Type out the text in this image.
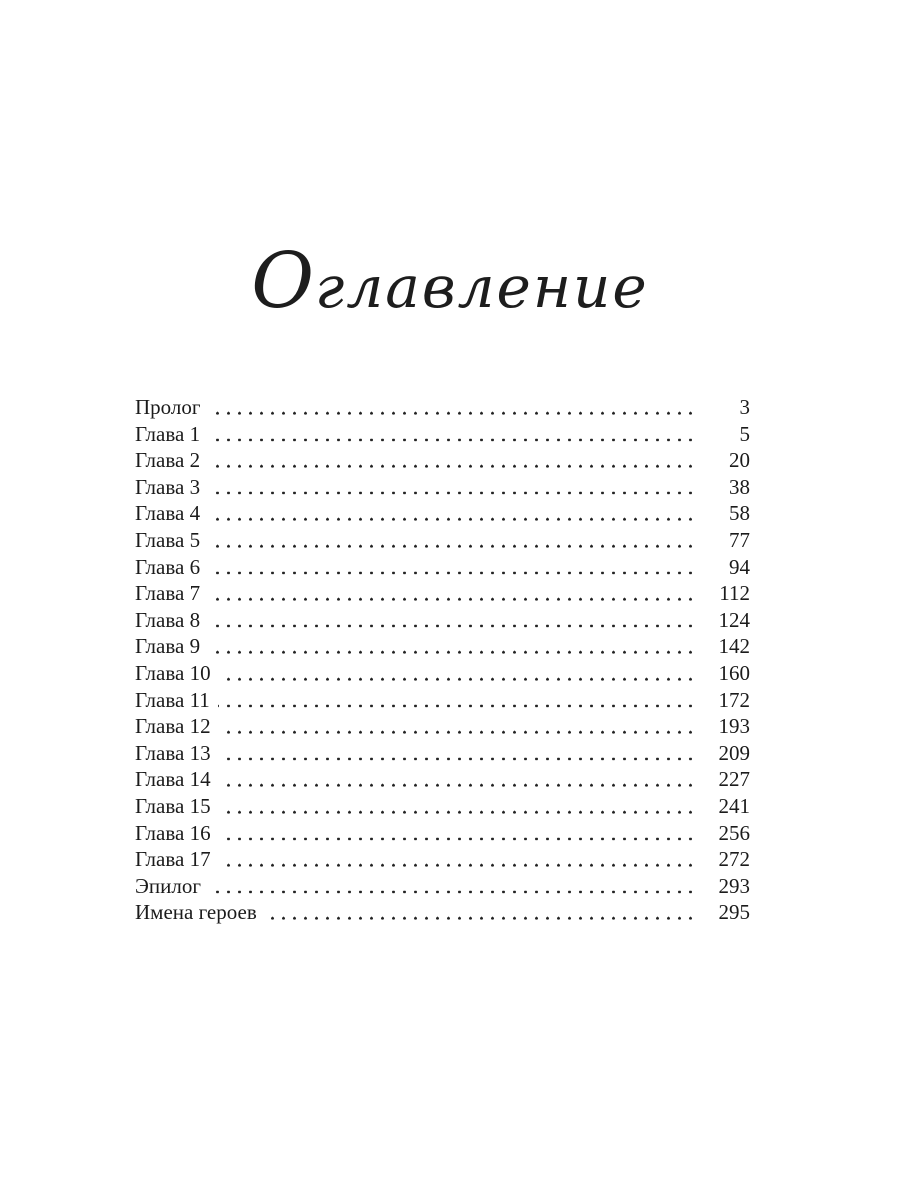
Оглавление
Пролог	3
Глава 1	5
Глава 2	20
Глава 3	38
Глава 4	58
Глава 5	77
Глава 6	94
Глава 7	112
Глава 8	124
Глава 9	142
Глава 10	160
Глава 11	172
Глава 12	193
Глава 13	209
Глава 14	227
Глава 15	241
Глава 16	256
Глава 17	272
Эпилог	293
Имена героев	295
